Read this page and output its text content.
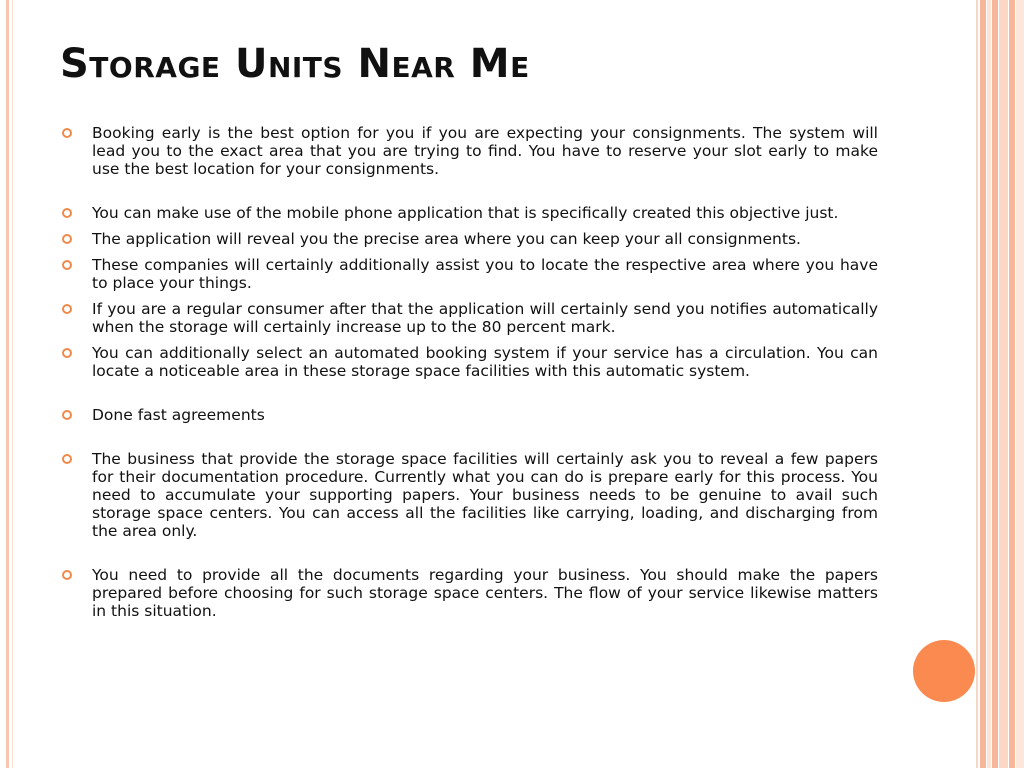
Storage Units Near Me
Booking early is the best option for you if you are expecting your consignments. The system will lead you to the exact area that you are trying to find. You have to reserve your slot early to make use the best location for your consignments.
You can make use of the mobile phone application that is specifically created this objective just.
The application will reveal you the precise area where you can keep your all consignments.
These companies will certainly additionally assist you to locate the respective area where you have to place your things.
If you are a regular consumer after that the application will certainly send you notifies automatically when the storage will certainly increase up to the 80 percent mark.
You can additionally select an automated booking system if your service has a circulation. You can locate a noticeable area in these storage space facilities with this automatic system.
Done fast agreements
The business that provide the storage space facilities will certainly ask you to reveal a few papers for their documentation procedure. Currently what you can do is prepare early for this process. You need to accumulate your supporting papers. Your business needs to be genuine to avail such storage space centers. You can access all the facilities like carrying, loading, and discharging from the area only.
You need to provide all the documents regarding your business. You should make the papers prepared before choosing for such storage space centers. The flow of your service likewise matters in this situation.
